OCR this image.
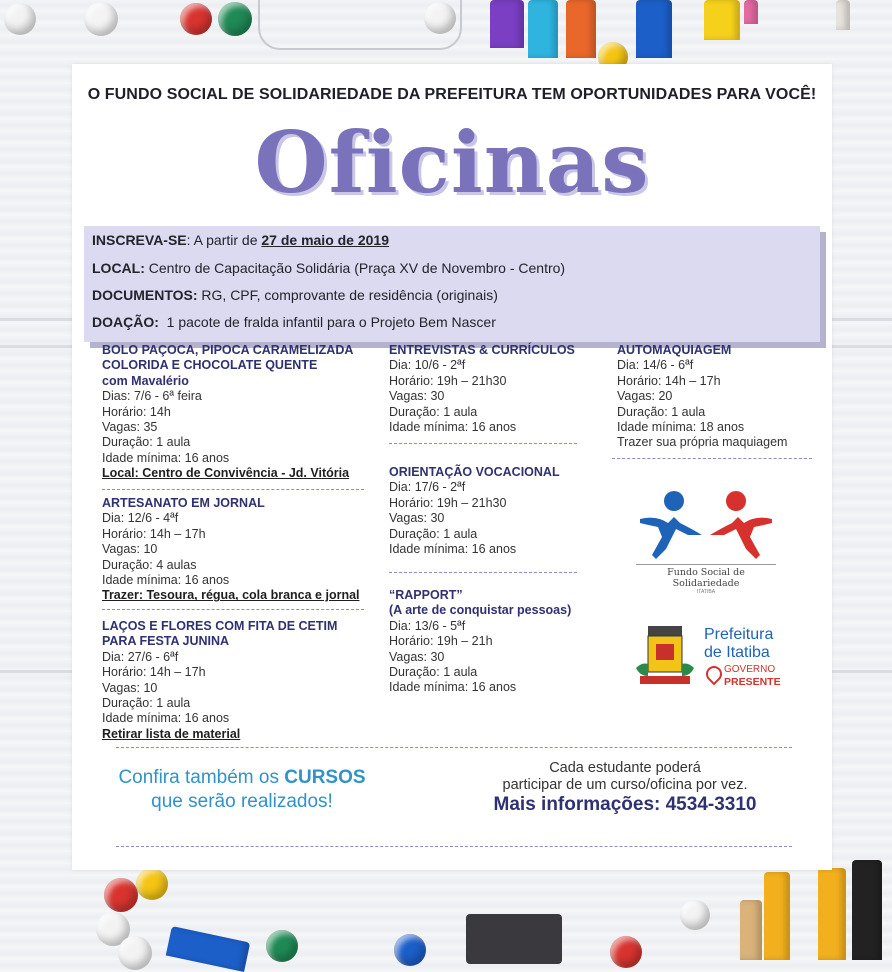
O FUNDO SOCIAL DE SOLIDARIEDADE DA PREFEITURA TEM OPORTUNIDADES PARA VOCÊ!
Oficinas
INSCREVA-SE: A partir de 27 de maio de 2019
LOCAL: Centro de Capacitação Solidária (Praça XV de Novembro - Centro)
DOCUMENTOS: RG, CPF, comprovante de residência (originais)
DOAÇÃO:  1 pacote de fralda infantil para o Projeto Bem Nascer
BOLO PAÇOCA, PIPOCA CARAMELIZADA
COLORIDA E CHOCOLATE QUENTE
com Mavalério
Dias: 7/6 - 6ª feira
Horário: 14h
Vagas: 35
Duração: 1 aula
Idade mínima: 16 anos
Local: Centro de Convivência - Jd. Vitória
ARTESANATO EM JORNAL
Dia: 12/6 - 4ªf
Horário: 14h – 17h
Vagas: 10
Duração: 4 aulas
Idade mínima: 16 anos
Trazer: Tesoura, régua, cola branca e jornal
LAÇOS E FLORES COM FITA DE CETIM
PARA FESTA JUNINA
Dia: 27/6 - 6ªf
Horário: 14h – 17h
Vagas: 10
Duração: 1 aula
Idade mínima: 16 anos
Retirar lista de material
ENTREVISTAS & CURRÍCULOS
Dia: 10/6 - 2ªf
Horário: 19h – 21h30
Vagas: 30
Duração: 1 aula
Idade mínima: 16 anos
ORIENTAÇÃO VOCACIONAL
Dia: 17/6 - 2ªf
Horário: 19h – 21h30
Vagas: 30
Duração: 1 aula
Idade mínima: 16 anos
“RAPPORT”
(A arte de conquistar pessoas)
Dia: 13/6 - 5ªf
Horário: 19h – 21h
Vagas: 30
Duração: 1 aula
Idade mínima: 16 anos
AUTOMAQUIAGEM
Dia: 14/6 - 6ªf
Horário: 14h – 17h
Vagas: 20
Duração: 1 aula
Idade mínima: 18 anos
Trazer sua própria maquiagem
Fundo Social de Solidariedade
ITATIBA
Prefeitura
de Itatiba
GOVERNO
PRESENTE
Confira também os CURSOS
que serão realizados!
Cada estudante poderá
participar de um curso/oficina por vez.
Mais informações: 4534-3310
